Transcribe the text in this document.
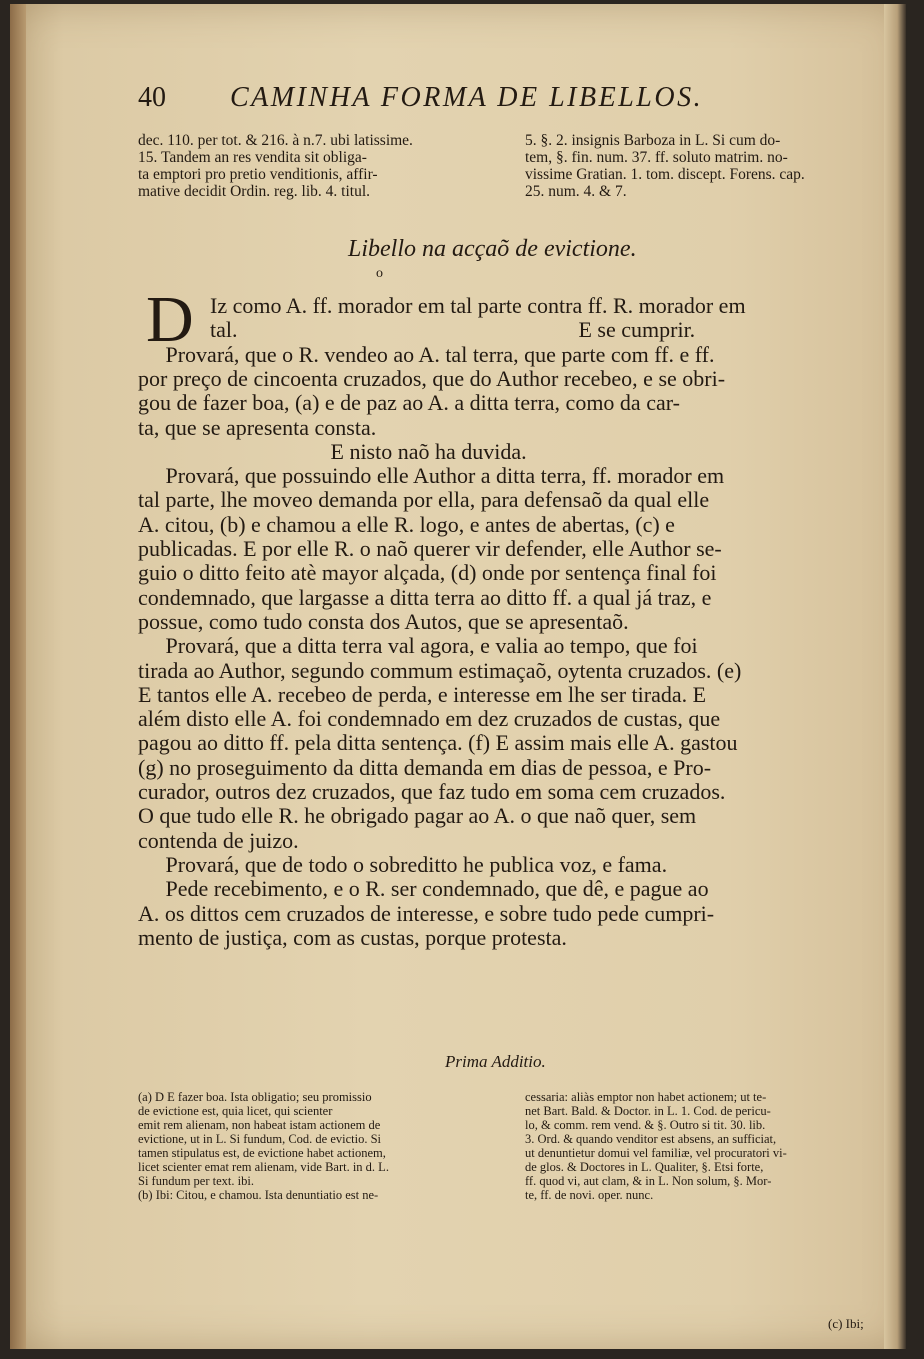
40 CAMINHA FORMA DE LIBELLOS.
dec. 110. per tot. & 216. à n.7. ubi latissime.
15. Tandem an res vendita sit obliga-
ta emptori pro pretio venditionis, affir-
mative decidit Ordin. reg. lib. 4. titul.
5. §. 2. insignis Barboza in L. Si cum do-
tem, §. fin. num. 37. ff. soluto matrim. no-
vissime Gratian. 1. tom. discept. Forens. cap.
25. num. 4. & 7.
Libello na acçaõ de evictione.
o
D Iz como A. ff. morador em tal parte contra ff. R. morador em
tal.                                                              E se cumprir.
Provará, que o R. vendeo ao A. tal terra, que parte com ff. e ff.
por preço de cincoenta cruzados, que do Author recebeo, e se obri-
gou de fazer boa, (a) e de paz ao A. a ditta terra, como da car-
ta, que se apresenta consta.
E nisto naõ ha duvida.
Provará, que possuindo elle Author a ditta terra, ff. morador em
tal parte, lhe moveo demanda por ella, para defensaõ da qual elle
A. citou, (b) e chamou a elle R. logo, e antes de abertas, (c) e
publicadas. E por elle R. o naõ querer vir defender, elle Author se-
guio o ditto feito atè mayor alçada, (d) onde por sentença final foi
condemnado, que largasse a ditta terra ao ditto ff. a qual já traz, e
possue, como tudo consta dos Autos, que se apresentaõ.
Provará, que a ditta terra val agora, e valia ao tempo, que foi
tirada ao Author, segundo commum estimaçaõ, oytenta cruzados. (e)
E tantos elle A. recebeo de perda, e interesse em lhe ser tirada. E
além disto elle A. foi condemnado em dez cruzados de custas, que
pagou ao ditto ff. pela ditta sentença. (f) E assim mais elle A. gastou
(g) no proseguimento da ditta demanda em dias de pessoa, e Pro-
curador, outros dez cruzados, que faz tudo em soma cem cruzados.
O que tudo elle R. he obrigado pagar ao A. o que naõ quer, sem
contenda de juizo.
Provará, que de todo o sobreditto he publica voz, e fama.
Pede recebimento, e o R. ser condemnado, que dê, e pague ao
A. os dittos cem cruzados de interesse, e sobre tudo pede cumpri-
mento de justiça, com as custas, porque protesta.
Prima Additio.
(a) D E fazer boa. Ista obligatio; seu promissio
de evictione est, quia licet, qui scienter
emit rem alienam, non habeat istam actionem de
evictione, ut in L. Si fundum, Cod. de evictio. Si
tamen stipulatus est, de evictione habet actionem,
licet scienter emat rem alienam, vide Bart. in d. L.
Si fundum per text. ibi.
(b) Ibi: Citou, e chamou. Ista denuntiatio est ne-
cessaria: aliàs emptor non habet actionem; ut te-
net Bart. Bald. & Doctor. in L. 1. Cod. de pericu-
lo, & comm. rem vend. & §. Outro si tit. 30. lib.
3. Ord. & quando venditor est absens, an sufficiat,
ut denuntietur domui vel familiæ, vel procuratori vi-
de glos. & Doctores in L. Qualiter, §. Etsi forte,
ff. quod vi, aut clam, & in L. Non solum, §. Mor-
te, ff. de novi. oper. nunc.
(c) Ibi;
